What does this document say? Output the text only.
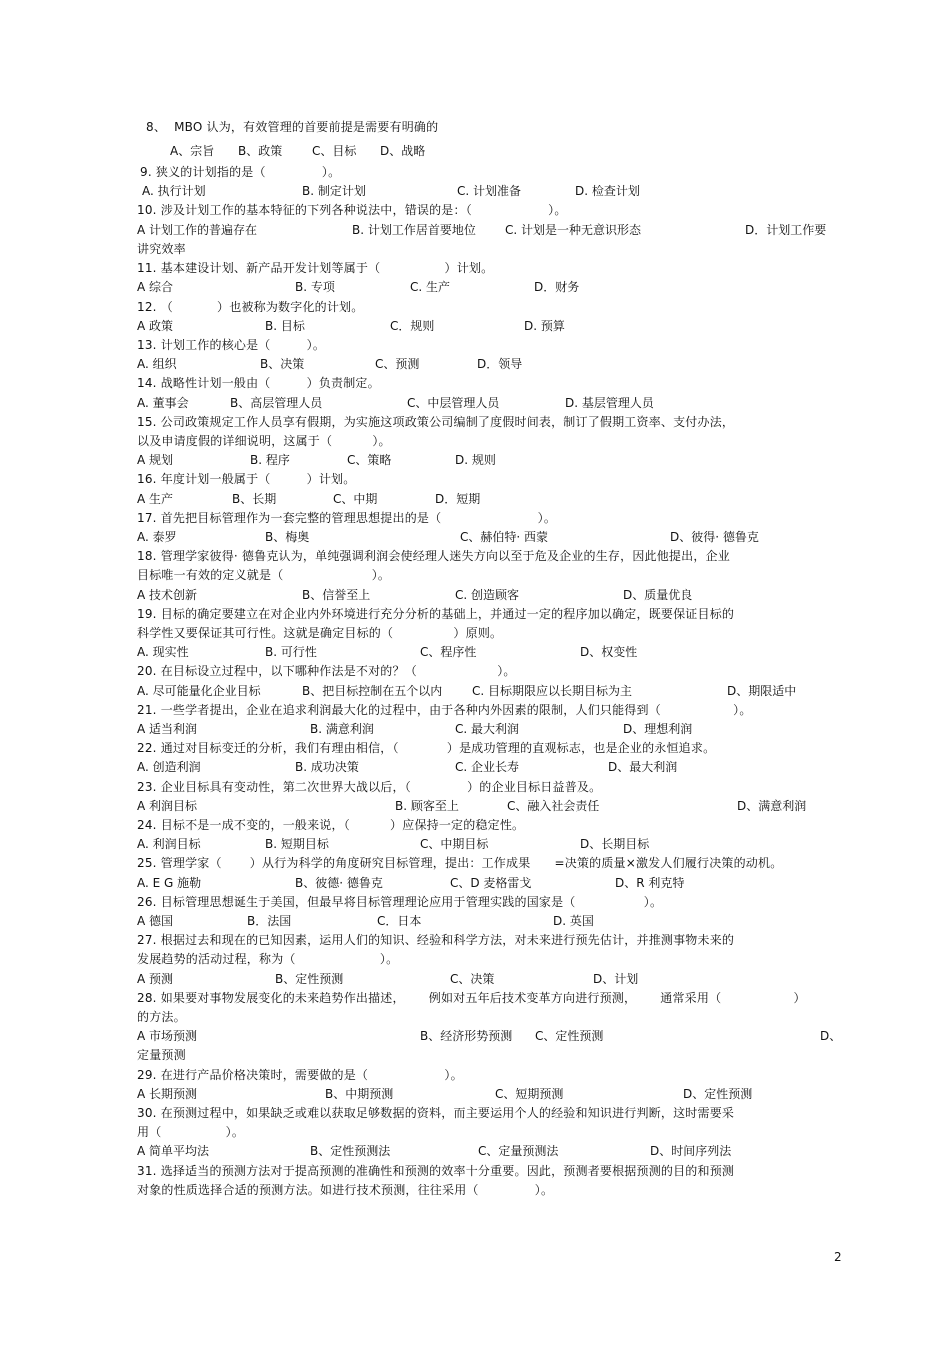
8、  MBO 认为，有效管理的首要前提是需要有明确的
A、宗旨 B、政策 C、目标 D、战略
9. 狭义的计划指的是（              ）。
A. 执行计划	B. 制定计划	C. 计划准备	D. 检查计划
10. 涉及计划工作的基本特征的下列各种说法中，错误的是：（                   ）。
A 计划工作的普遍存在	B. 计划工作居首要地位 C. 计划是一种无意识形态	D．计划工作要
讲究效率
11. 基本建设计划、新产品开发计划等属于（                ）计划。
A 综合	B. 专项	C. 生产	D．财务
12. （           ）也被称为数字化的计划。
A 政策	B. 目标	C．规则	D. 预算
13. 计划工作的核心是（         ）。
A. 组织	B、决策	C、预测	D．领导
14. 战略性计划一般由（         ）负责制定。
A. 董事会	B、高层管理人员	C、中层管理人员	D. 基层管理人员
15. 公司政策规定工作人员享有假期，为实施这项政策公司编制了度假时间表，制订了假期工资率、支付办法，
以及申请度假的详细说明，这属于（          ）。
A 规划	B. 程序	C、策略	D. 规则
16. 年度计划一般属于（         ）计划。
A 生产	B、长期	C、中期	D．短期
17. 首先把目标管理作为一套完整的管理思想提出的是（                        ）。
A. 泰罗	B、梅奥	C、赫伯特· 西蒙	D、彼得· 德鲁克
18. 管理学家彼得· 德鲁克认为，单纯强调利润会使经理人迷失方向以至于危及企业的生存，因此他提出，企业
目标唯一有效的定义就是（                      ）。
A 技术创新	B、信誉至上	C. 创造顾客	D、质量优良
19. 目标的确定要建立在对企业内外环境进行充分分析的基础上，并通过一定的程序加以确定，既要保证目标的
科学性又要保证其可行性。这就是确定目标的（               ）原则。
A. 现实性	B. 可行性	C、程序性	D、权变性
20. 在目标设立过程中，以下哪种作法是不对的？（                    ）。
A. 尽可能量化企业目标	B、把目标控制在五个以内 C. 目标期限应以长期目标为主	D、期限适中
21. 一些学者提出，企业在追求利润最大化的过程中，由于各种内外因素的限制，人们只能得到（                  ）。
A 适当利润	B. 满意利润	C. 最大利润	D、理想利润
22. 通过对目标变迁的分析，我们有理由相信，（            ）是成功管理的直观标志，也是企业的永恒追求。
A. 创造利润	B. 成功决策	C. 企业长寿	D、最大利润
23. 企业目标具有变动性，第二次世界大战以后，（              ）的企业目标日益普及。
A 利润目标	B. 顾客至上	C、融入社会责任	D、满意利润
24. 目标不是一成不变的，一般来说，（          ）应保持一定的稳定性。
A. 利润目标	B. 短期目标	C、中期目标	D、长期目标
25. 管理学家（       ）从行为科学的角度研究目标管理，提出：工作成果      =决策的质量×激发人们履行决策的动机。
A. E G 施勒	B、彼德· 德鲁克	C、D 麦格雷戈	D、R 利克特
26. 目标管理思想诞生于美国，但最早将目标管理理论应用于管理实践的国家是（                 ）。
A 德国	B．法国	C．日本	D. 英国
27. 根据过去和现在的已知因素，运用人们的知识、经验和科学方法，对未来进行预先估计，并推测事物未来的
发展趋势的活动过程，称为（                     ）。
A 预测	B、定性预测	C、决策	D、计划
28. 如果要对事物发展变化的未来趋势作出描述，      例如对五年后技术变革方向进行预测，      通常采用（                  ）
的方法。
A 市场预测	B、经济形势预测 C、定性预测	D、
定量预测
29. 在进行产品价格决策时，需要做的是（                   ）。
A 长期预测	B、中期预测	C、短期预测	D、定性预测
30. 在预测过程中，如果缺乏或难以获取足够数据的资料，而主要运用个人的经验和知识进行判断，这时需要采
用（                ）。
A 简单平均法	B、定性预测法	C、定量预测法	D、时间序列法
31. 选择适当的预测方法对于提高预测的准确性和预测的效率十分重要。因此，预测者要根据预测的目的和预测
对象的性质选择合适的预测方法。如进行技术预测，往往采用（              ）。
2
